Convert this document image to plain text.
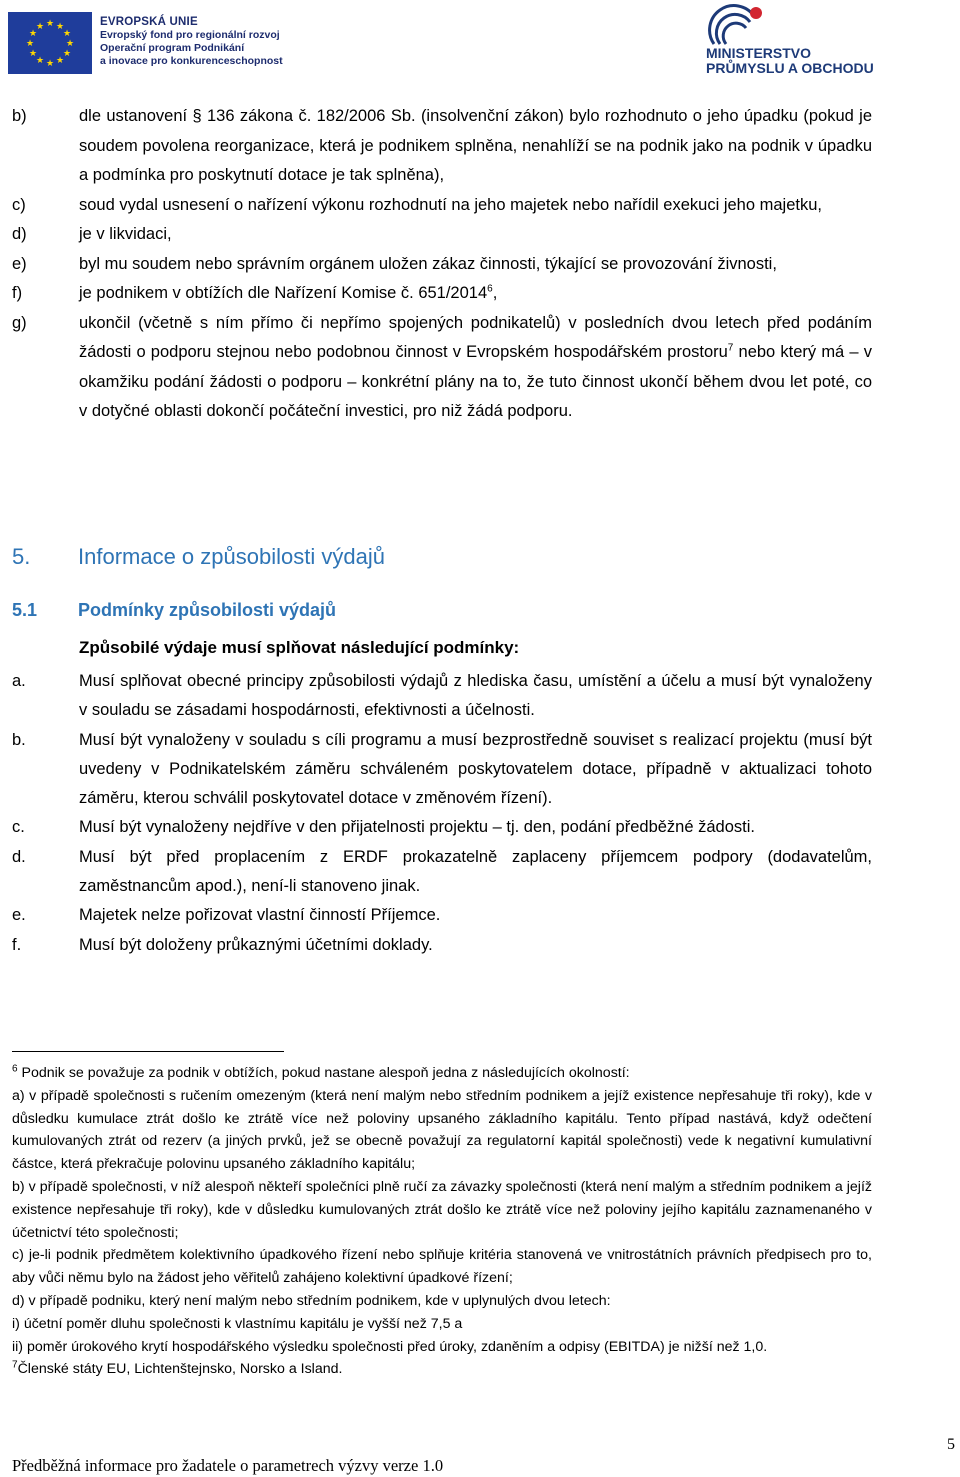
★ ★
★
★
★
★
★
★
★
★
★
★	EVROPSKÁ UNIE
Evropský fond pro regionální rozvoj
Operační program Podnikání
a inovace pro konkurenceschopnost	MINISTERSTVO
PRŮMYSLU A OBCHODU
b)	dle ustanovení § 136 zákona č. 182/2006 Sb. (insolvenční zákon) bylo rozhodnuto o jeho úpadku (pokud je soudem povolena reorganizace, která je podnikem splněna, nenahlíží se na podnik jako na podnik v úpadku a podmínka pro poskytnutí dotace je tak splněna),
c)	soud vydal usnesení o nařízení výkonu rozhodnutí na jeho majetek nebo nařídil exekuci jeho majetku,
d)	je v likvidaci,
e)	byl mu soudem nebo správním orgánem uložen zákaz činnosti, týkající se provozování živnosti,
f)	je podnikem v obtížích dle Nařízení Komise č. 651/2014$^6$,
g)	ukončil (včetně s ním přímo či nepřímo spojených podnikatelů) v posledních dvou letech před podáním žádosti o podporu stejnou nebo podobnou činnost v Evropském hospodářském prostoru$^7$ nebo který má – v okamžiku podání žádosti o podporu – konkrétní plány na to, že tuto činnost ukončí během dvou let poté, co v dotyčné oblasti dokončí počáteční investici, pro niž žádá podporu.
5. Informace o způsobilosti výdajů
5.1 Podmínky způsobilosti výdajů
Způsobilé výdaje musí splňovat následující podmínky:
a.	Musí splňovat obecné principy způsobilosti výdajů z hlediska času, umístění a účelu a musí být vynaloženy v souladu se zásadami hospodárnosti, efektivnosti a účelnosti.
b.	Musí být vynaloženy v souladu s cíli programu a musí bezprostředně souviset s realizací projektu (musí být uvedeny v Podnikatelském záměru schváleném poskytovatelem dotace, případně v aktualizaci tohoto záměru, kterou schválil poskytovatel dotace v změnovém řízení).
c.	Musí být vynaloženy nejdříve v den přijatelnosti projektu – tj. den, podání předběžné žádosti.
d.	Musí být před proplacením z ERDF prokazatelně zaplaceny příjemcem podpory (dodavatelům, zaměstnancům apod.), není-li stanoveno jinak.
e.	Majetek nelze pořizovat vlastní činností Příjemce.
f.	Musí být doloženy průkaznými účetními doklady.
$^6$ Podnik se považuje za podnik v obtížích, pokud nastane alespoň jedna z následujících okolností:
a) v případě společnosti s ručením omezeným (která není malým nebo středním podnikem a jejíž existence nepřesahuje tři roky), kde v důsledku kumulace ztrát došlo ke ztrátě více než poloviny upsaného základního kapitálu. Tento případ nastává, když odečtení kumulovaných ztrát od rezerv (a jiných prvků, jež se obecně považují za regulatorní kapitál společnosti) vede k negativní kumulativní částce, která překračuje polovinu upsaného základního kapitálu;
b) v případě společnosti, v níž alespoň někteří společníci plně ručí za závazky společnosti (která není malým a středním podnikem a jejíž existence nepřesahuje tři roky), kde v důsledku kumulovaných ztrát došlo ke ztrátě více než poloviny jejího kapitálu zaznamenaného v účetnictví této společnosti;
c) je-li podnik předmětem kolektivního úpadkového řízení nebo splňuje kritéria stanovená ve vnitrostátních právních předpisech pro to, aby vůči němu bylo na žádost jeho věřitelů zahájeno kolektivní úpadkové řízení;
d) v případě podniku, který není malým nebo středním podnikem, kde v uplynulých dvou letech:
i) účetní poměr dluhu společnosti k vlastnímu kapitálu je vyšší než 7,5 a
ii) poměr úrokového krytí hospodářského výsledku společnosti před úroky, zdaněním a odpisy (EBITDA) je nižší než 1,0.
$^7$Členské státy EU, Lichtenštejnsko, Norsko a Island.
5
Předběžná informace pro žadatele o parametrech výzvy verze 1.0
